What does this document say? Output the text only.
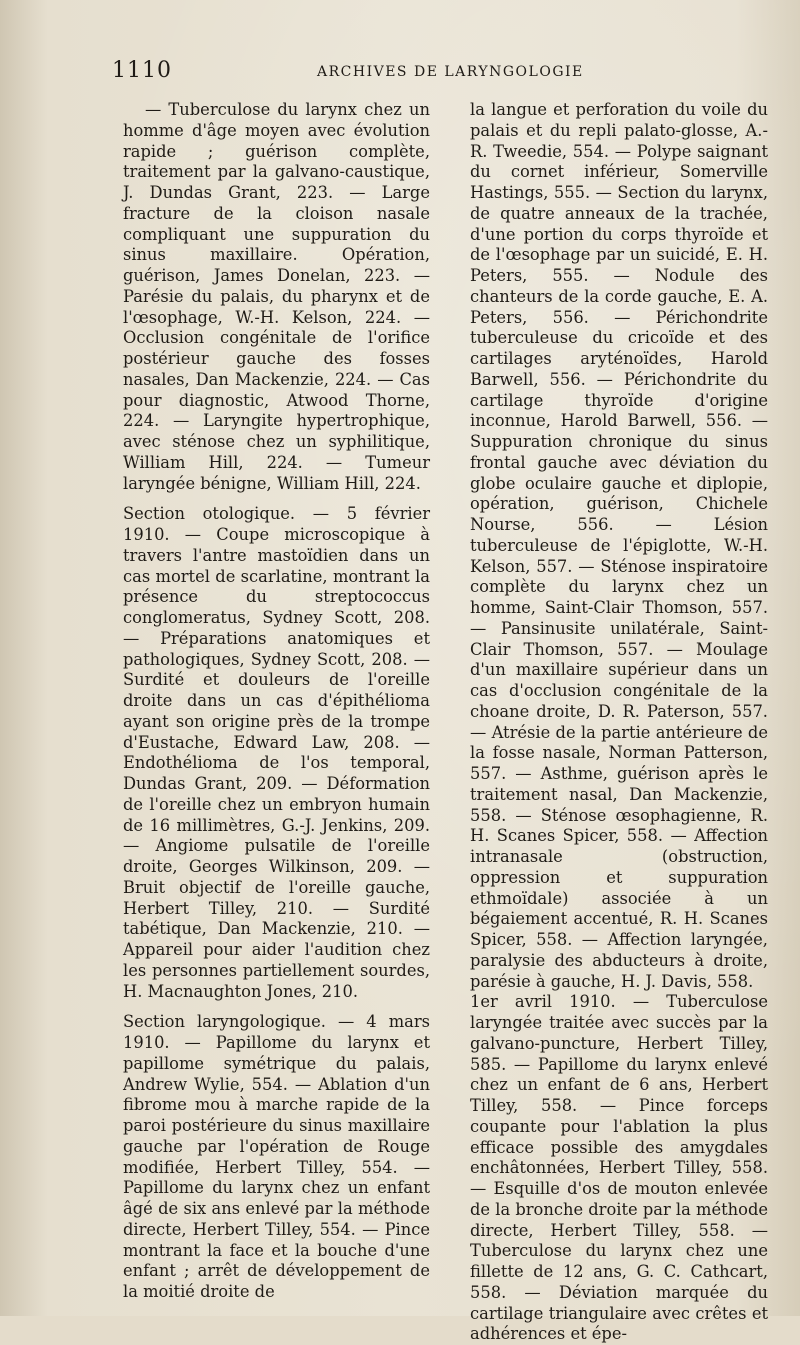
1110	ARCHIVES DE LARYNGOLOGIE

— Tuberculose du larynx chez un homme d'âge moyen avec évolution rapide ; guérison complète, traitement par la galvano-caustique, J. Dundas Grant, 223. — Large fracture de la cloison nasale compliquant une suppuration du sinus maxillaire. Opération, guérison, James Donelan, 223. — Parésie du palais, du pharynx et de l'œsophage, W.-H. Kelson, 224. — Occlusion congénitale de l'orifice postérieur gauche des fosses nasales, Dan Mackenzie, 224. — Cas pour diagnostic, Atwood Thorne, 224. — Laryngite hypertrophique, avec sténose chez un syphilitique, William Hill, 224. — Tumeur laryngée bénigne, William Hill, 224.

Section otologique. — 5 février 1910. — Coupe microscopique à travers l'antre mastoïdien dans un cas mortel de scarlatine, montrant la présence du streptococcus conglomeratus, Sydney Scott, 208. — Préparations anatomiques et pathologiques, Sydney Scott, 208. — Surdité et douleurs de l'oreille droite dans un cas d'épithélioma ayant son origine près de la trompe d'Eustache, Edward Law, 208. — Endothélioma de l'os temporal, Dundas Grant, 209. — Déformation de l'oreille chez un embryon humain de 16 millimètres, G.-J. Jenkins, 209. — Angiome pulsatile de l'oreille droite, Georges Wilkinson, 209. — Bruit objectif de l'oreille gauche, Herbert Tilley, 210. — Surdité tabétique, Dan Mackenzie, 210. — Appareil pour aider l'audition chez les personnes partiellement sourdes, H. Macnaughton Jones, 210.

Section laryngologique. — 4 mars 1910. — Papillome du larynx et papillome symétrique du palais, Andrew Wylie, 554. — Ablation d'un fibrome mou à marche rapide de la paroi postérieure du sinus maxillaire gauche par l'opération de Rouge modifiée, Herbert Tilley, 554. — Papillome du larynx chez un enfant âgé de six ans enlevé par la méthode directe, Herbert Tilley, 554. — Pince montrant la face et la bouche d'une enfant ; arrêt de développement de la moitié droite de

la langue et perforation du voile du palais et du repli palato-glosse, A.-R. Tweedie, 554. — Polype saignant du cornet inférieur, Somerville Hastings, 555. — Section du larynx, de quatre anneaux de la trachée, d'une portion du corps thyroïde et de l'œsophage par un suicidé, E. H. Peters, 555. — Nodule des chanteurs de la corde gauche, E. A. Peters, 556. — Périchondrite tuberculeuse du cricoïde et des cartilages aryténoïdes, Harold Barwell, 556. — Périchondrite du cartilage thyroïde d'origine inconnue, Harold Barwell, 556. — Suppuration chronique du sinus frontal gauche avec déviation du globe oculaire gauche et diplopie, opération, guérison, Chichele Nourse, 556. — Lésion tuberculeuse de l'épiglotte, W.-H. Kelson, 557. — Sténose inspiratoire complète du larynx chez un homme, Saint-Clair Thomson, 557. — Pansinusite unilatérale, Saint-Clair Thomson, 557. — Moulage d'un maxillaire supérieur dans un cas d'occlusion congénitale de la choane droite, D. R. Paterson, 557. — Atrésie de la partie antérieure de la fosse nasale, Norman Patterson, 557. — Asthme, guérison après le traitement nasal, Dan Mackenzie, 558. — Sténose œsophagienne, R. H. Scanes Spicer, 558. — Affection intranasale (obstruction, oppression et suppuration ethmoïdale) associée à un bégaiement accentué, R. H. Scanes Spicer, 558. — Affection laryngée, paralysie des abducteurs à droite, parésie à gauche, H. J. Davis, 558.

1er avril 1910. — Tuberculose laryngée traitée avec succès par la galvano-puncture, Herbert Tilley, 585. — Papillome du larynx enlevé chez un enfant de 6 ans, Herbert Tilley, 558. — Pince forceps coupante pour l'ablation la plus efficace possible des amygdales enchâtonnées, Herbert Tilley, 558. — Esquille d'os de mouton enlevée de la bronche droite par la méthode directe, Herbert Tilley, 558. — Tuberculose du larynx chez une fillette de 12 ans, G. C. Cathcart, 558. — Déviation marquée du cartilage triangulaire avec crêtes et adhérences et épe-
